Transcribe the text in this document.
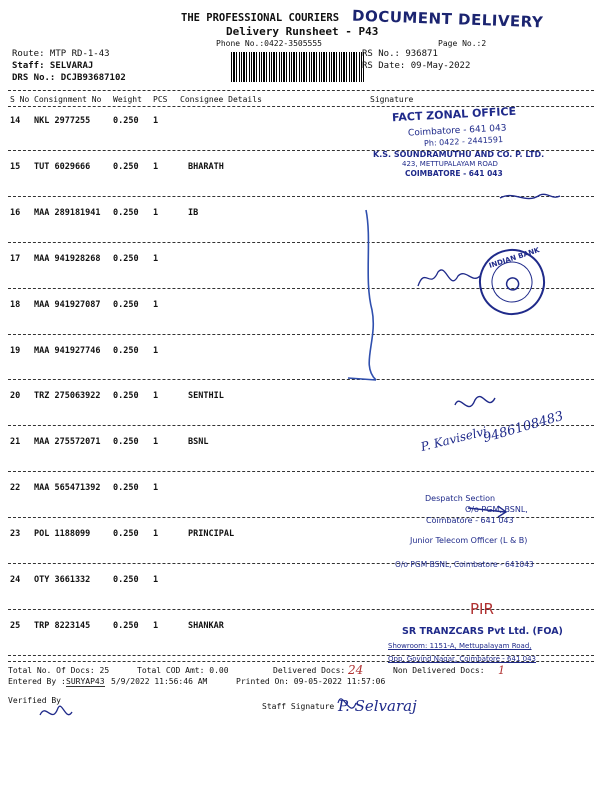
THE PROFESSIONAL COURIERS DOCUMENT DELIVERY
Delivery Runsheet - P43
Phone No.:0422-3505555	Page No.:2
Route: MTP RD-1-43
Staff: SELVARAJ
DRS No.: DCJB93687102
RS No.: 936871
RS Date: 09-May-2022
S No Consignment No Weight PCS Consignee Details	Signature
14 NKL 2977255	0.250 1
15 TUT 6029666	0.250 1	BHARATH
16 MAA 289181941 0.250 1	IB
17 MAA 941928268 0.250 1
18 MAA 941927087 0.250 1
19 MAA 941927746 0.250 1
20 TRZ 275063922 0.250 1	SENTHIL
21 MAA 275572071 0.250 1	BSNL
22 MAA 565471392 0.250 1
23 POL 1188099	0.250 1	PRINCIPAL
24 OTY 3661332	0.250 1
25 TRP 8223145	0.250 1	SHANKAR
FACT ZONAL OFFICE
Coimbatore - 641 043
Ph: 0422 - 2441591
K.S. SOUNDRAMUTHU AND CO. P. LTD.
423, METTUPALAYAM ROAD
COIMBATORE - 641 043
INDIAN BANK
P. Kaviselvi
9486108483
Despatch Section
O/o PGM, BSNL,
Coimbatore - 641 043
Junior Telecom Officer (L & B)
O/o PGM BSNL, Coimbatore - 641043
PIR
SR TRANZCARS Pvt Ltd. (FOA)
Showroom: 1151-A, Mettupalayam Road,
Opp. Govind Nagar, Coimbatore - 641 043
Total No. Of Docs: 25	Total COD Amt: 0.00	Delivered Docs: 24	Non Delivered Docs: 1
Entered By : SURYAP43 5/9/2022 11:56:46 AM	Printed On: 09-05-2022 11:57:06
Verified By
Staff Signature P. Selvaraj
